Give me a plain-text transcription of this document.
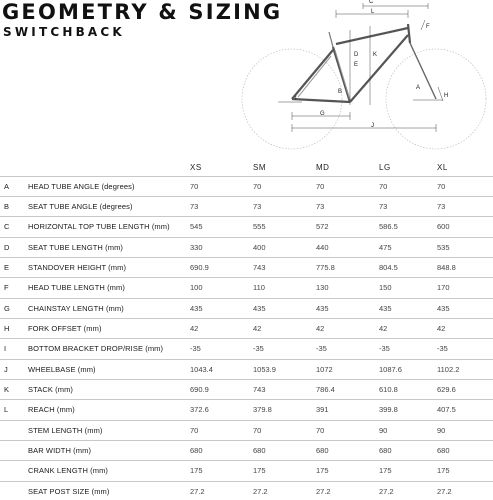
GEOMETRY & SIZING
SWITCHBACK
C
L
D
E
K
F
A
H
G
J
I
B
		XS	SM	MD	LG	XL
A	HEAD TUBE ANGLE (degrees)	70	70	70	70	70
B	SEAT TUBE ANGLE (degrees)	73	73	73	73	73
C	HORIZONTAL TOP TUBE LENGTH (mm)	545	555	572	586.5	600
D	SEAT TUBE LENGTH (mm)	330	400	440	475	535
E	STANDOVER HEIGHT (mm)	690.9	743	775.8	804.5	848.8
F	HEAD TUBE LENGTH (mm)	100	110	130	150	170
G	CHAINSTAY LENGTH (mm)	435	435	435	435	435
H	FORK OFFSET (mm)	42	42	42	42	42
I	BOTTOM BRACKET DROP/RISE (mm)	-35	-35	-35	-35	-35
J	WHEELBASE (mm)	1043.4	1053.9	1072	1087.6	1102.2
K	STACK (mm)	690.9	743	786.4	610.8	629.6
L	REACH (mm)	372.6	379.8	391	399.8	407.5
	STEM LENGTH (mm)	70	70	70	90	90
	BAR WIDTH (mm)	680	680	680	680	680
	CRANK LENGTH (mm)	175	175	175	175	175
	SEAT POST SIZE (mm)	27.2	27.2	27.2	27.2	27.2
